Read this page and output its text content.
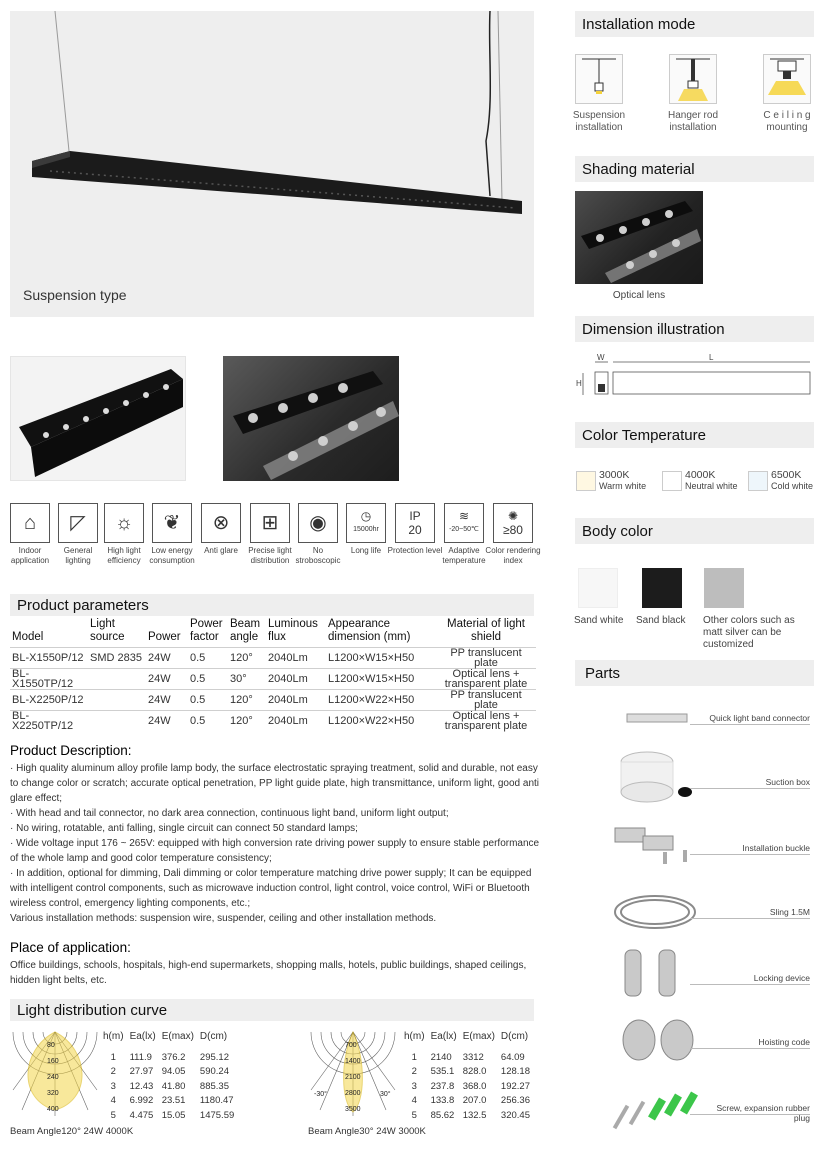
Suspension type
⌂
Indoor application
◸
General lighting
☼
High light efficiency
❦
Low energy consumption
⊗
Anti glare
⊞
Precise light distribution
◉
No stroboscopic
◷
15000hr
Long life
IP
20
Protection level
≋
-20~50℃
Adaptive temperature
✺
≥80
Color rendering index
Product parameters
Model	Light source	Power	Power factor	Beam angle	Luminous flux	Appearance dimension (mm)	Material of light shield
BL-X1550P/12	SMD 2835	24W	0.5	120°	2040Lm	L1200×W15×H50	PP translucent plate
BL-X1550TP/12		24W	0.5	30°	2040Lm	L1200×W15×H50	Optical lens + transparent plate
BL-X2250P/12		24W	0.5	120°	2040Lm	L1200×W22×H50	PP translucent plate
BL-X2250TP/12		24W	0.5	120°	2040Lm	L1200×W22×H50	Optical lens + transparent plate
Product Description:

· High quality aluminum alloy profile lamp body, the surface electrostatic spraying treatment, solid and durable, not easy to change color or scratch; accurate optical penetration, PP light guide plate, high transmittance, uniform light, good anti glare effect;

· With head and tail connector, no dark area connection, continuous light band, uniform light output;

· No wiring, rotatable, anti falling, single circuit can connect 50 standard lamps;

· Wide voltage input 176 ~ 265V: equipped with high conversion rate driving power supply to ensure stable performance of the whole lamp and good color temperature consistency;

· In addition, optional for dimming, Dali dimming or color temperature matching drive power supply; It can be equipped with intelligent control components, such as microwave induction control, light control, voice control, WiFi or Bluetooth wireless control, emergency lighting components, etc.;

Various installation methods: suspension wire, suspender, ceiling and other installation methods.

Place of application:
Office buildings, schools, hospitals, high-end supermarkets, shopping malls, hotels, public buildings, shaped ceilings, hidden light belts, etc.
Light distribution curve
80
160
240
320
400
h(m)	Ea(lx)	E(max)	D(cm)
1	111.9	376.2	295.12
2	27.97	94.05	590.24
3	12.43	41.80	885.35
4	6.992	23.51	1180.47
5	4.475	15.05	1475.59
Beam Angle120° 24W 4000K
700
1400
2100
2800
3500
-30°	30°
h(m)	Ea(lx)	E(max)	D(cm)
1	2140	3312	64.09
2	535.1	828.0	128.18
3	237.8	368.0	192.27
4	133.8	207.0	256.36
5	85.62	132.5	320.45
Beam Angle30° 24W 3000K
Installation mode
Suspension installation
Hanger rod installation
C e i l i n g mounting
Shading material
Optical lens
Dimension illustration
W	L
H
Color Temperature
3000K
Warm white
4000K
Neutral white
6500K
Cold white
Body color
Sand white Sand black Other colors such as matt silver can be customized
Parts
Quick light band connector
Suction box
Installation buckle
Sling 1.5M
Locking device
Hoisting code
Screw, expansion rubber plug
